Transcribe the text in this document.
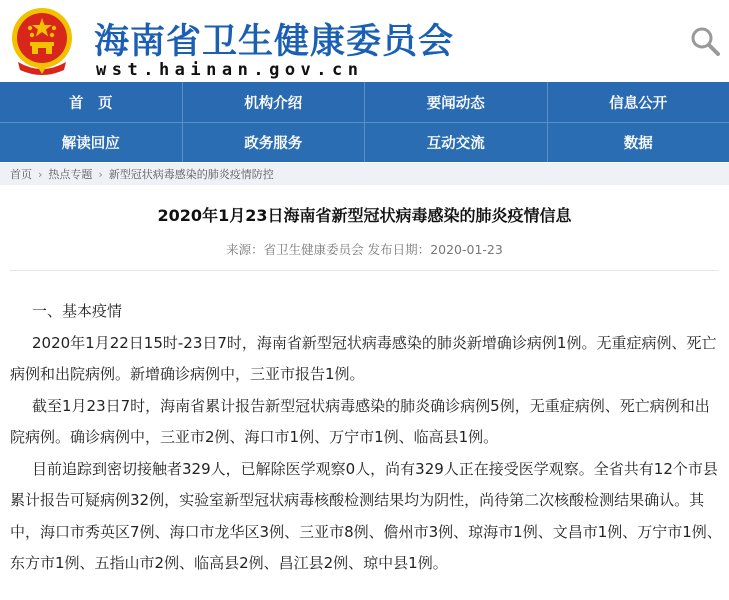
海南省卫生健康委员会
wst.hainan.gov.cn
首　页	机构介绍	要闻动态	信息公开
解读回应	政务服务	互动交流	数据
首页 › 热点专题 › 新型冠状病毒感染的肺炎疫情防控
2020年1月23日海南省新型冠状病毒感染的肺炎疫情信息
来源：省卫生健康委员会 发布日期：2020-01-23

一、基本疫情

2020年1月22日15时-23日7时，海南省新型冠状病毒感染的肺炎新增确诊病例1例。无重症病例、死亡病例和出院病例。新增确诊病例中，三亚市报告1例。

截至1月23日7时，海南省累计报告新型冠状病毒感染的肺炎确诊病例5例，无重症病例、死亡病例和出院病例。确诊病例中，三亚市2例、海口市1例、万宁市1例、临高县1例。

目前追踪到密切接触者329人，已解除医学观察0人，尚有329人正在接受医学观察。全省共有12个市县累计报告可疑病例32例，实验室新型冠状病毒核酸检测结果均为阴性，尚待第二次核酸检测结果确认。其中，海口市秀英区7例、海口市龙华区3例、三亚市8例、儋州市3例、琼海市1例、文昌市1例、万宁市1例、东方市1例、五指山市2例、临高县2例、昌江县2例、琼中县1例。
